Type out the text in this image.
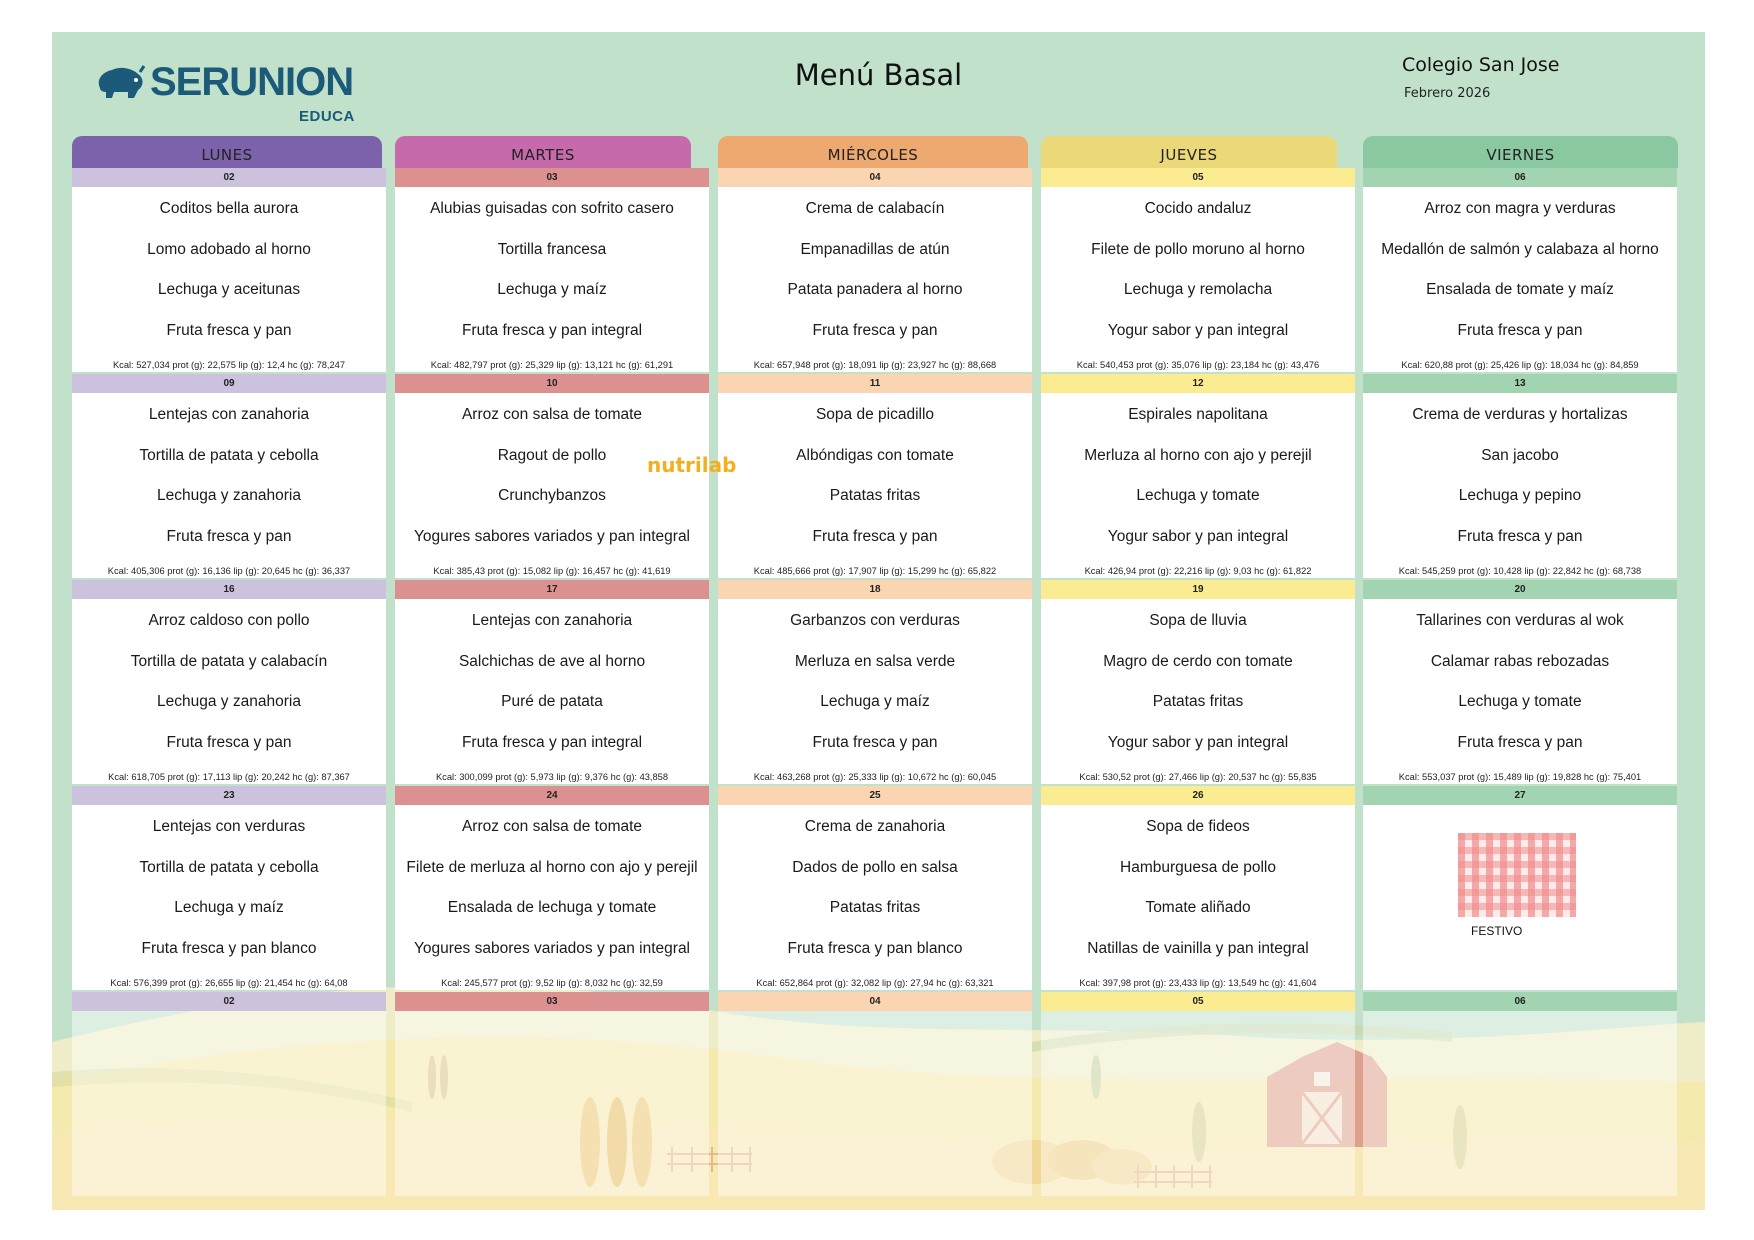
SERUNION
EDUCA
Menú Basal	Colegio San Jose
Febrero 2026
LUNES	MARTES	MIÉRCOLES	JUEVES	VIERNES
02
Coditos bella aurora
Lomo adobado al horno
Lechuga y aceitunas
Fruta fresca y pan
Kcal: 527,034 prot (g): 22,575 lip (g): 12,4 hc (g): 78,247
03
Alubias guisadas con sofrito casero
Tortilla francesa
Lechuga y maíz
Fruta fresca y pan integral
Kcal: 482,797 prot (g): 25,329 lip (g): 13,121 hc (g): 61,291
04
Crema de calabacín
Empanadillas de atún
Patata panadera al horno
Fruta fresca y pan
Kcal: 657,948 prot (g): 18,091 lip (g): 23,927 hc (g): 88,668
05
Cocido andaluz
Filete de pollo moruno al horno
Lechuga y remolacha
Yogur sabor y pan integral
Kcal: 540,453 prot (g): 35,076 lip (g): 23,184 hc (g): 43,476
06
Arroz con magra y verduras
Medallón de salmón y calabaza al horno
Ensalada de tomate y maíz
Fruta fresca y pan
Kcal: 620,88 prot (g): 25,426 lip (g): 18,034 hc (g): 84,859
09
Lentejas con zanahoria
Tortilla de patata y cebolla
Lechuga y zanahoria
Fruta fresca y pan
Kcal: 405,306 prot (g): 16,136 lip (g): 20,645 hc (g): 36,337
10
Arroz con salsa de tomate
Ragout de pollo
Crunchybanzos
Yogures sabores variados y pan integral
Kcal: 385,43 prot (g): 15,082 lip (g): 16,457 hc (g): 41,619
11
Sopa de picadillo
Albóndigas con tomate
Patatas fritas
Fruta fresca y pan
Kcal: 485,666 prot (g): 17,907 lip (g): 15,299 hc (g): 65,822
12
Espirales napolitana
Merluza al horno con ajo y perejil
Lechuga y tomate
Yogur sabor y pan integral
Kcal: 426,94 prot (g): 22,216 lip (g): 9,03 hc (g): 61,822
13
Crema de verduras y hortalizas
San jacobo
Lechuga y pepino
Fruta fresca y pan
Kcal: 545,259 prot (g): 10,428 lip (g): 22,842 hc (g): 68,738
16
Arroz caldoso con pollo
Tortilla de patata y calabacín
Lechuga y zanahoria
Fruta fresca y pan
Kcal: 618,705 prot (g): 17,113 lip (g): 20,242 hc (g): 87,367
17
Lentejas con zanahoria
Salchichas de ave al horno
Puré de patata
Fruta fresca y pan integral
Kcal: 300,099 prot (g): 5,973 lip (g): 9,376 hc (g): 43,858
18
Garbanzos con verduras
Merluza en salsa verde
Lechuga y maíz
Fruta fresca y pan
Kcal: 463,268 prot (g): 25,333 lip (g): 10,672 hc (g): 60,045
19
Sopa de lluvia
Magro de cerdo con tomate
Patatas fritas
Yogur sabor y pan integral
Kcal: 530,52 prot (g): 27,466 lip (g): 20,537 hc (g): 55,835
20
Tallarines con verduras al wok
Calamar rabas rebozadas
Lechuga y tomate
Fruta fresca y pan
Kcal: 553,037 prot (g): 15,489 lip (g): 19,828 hc (g): 75,401
23
Lentejas con verduras
Tortilla de patata y cebolla
Lechuga y maíz
Fruta fresca y pan blanco
Kcal: 576,399 prot (g): 26,655 lip (g): 21,454 hc (g): 64,08
24
Arroz con salsa de tomate
Filete de merluza al horno con ajo y perejil
Ensalada de lechuga y tomate
Yogures sabores variados y pan integral
Kcal: 245,577 prot (g): 9,52 lip (g): 8,032 hc (g): 32,59
25
Crema de zanahoria
Dados de pollo en salsa
Patatas fritas
Fruta fresca y pan blanco
Kcal: 652,864 prot (g): 32,082 lip (g): 27,94 hc (g): 63,321
26
Sopa de fideos
Hamburguesa de pollo
Tomate aliñado
Natillas de vainilla y pan integral
Kcal: 397,98 prot (g): 23,433 lip (g): 13,549 hc (g): 41,604
27
FESTIVO
02	03	04	05	06
nutrilab
